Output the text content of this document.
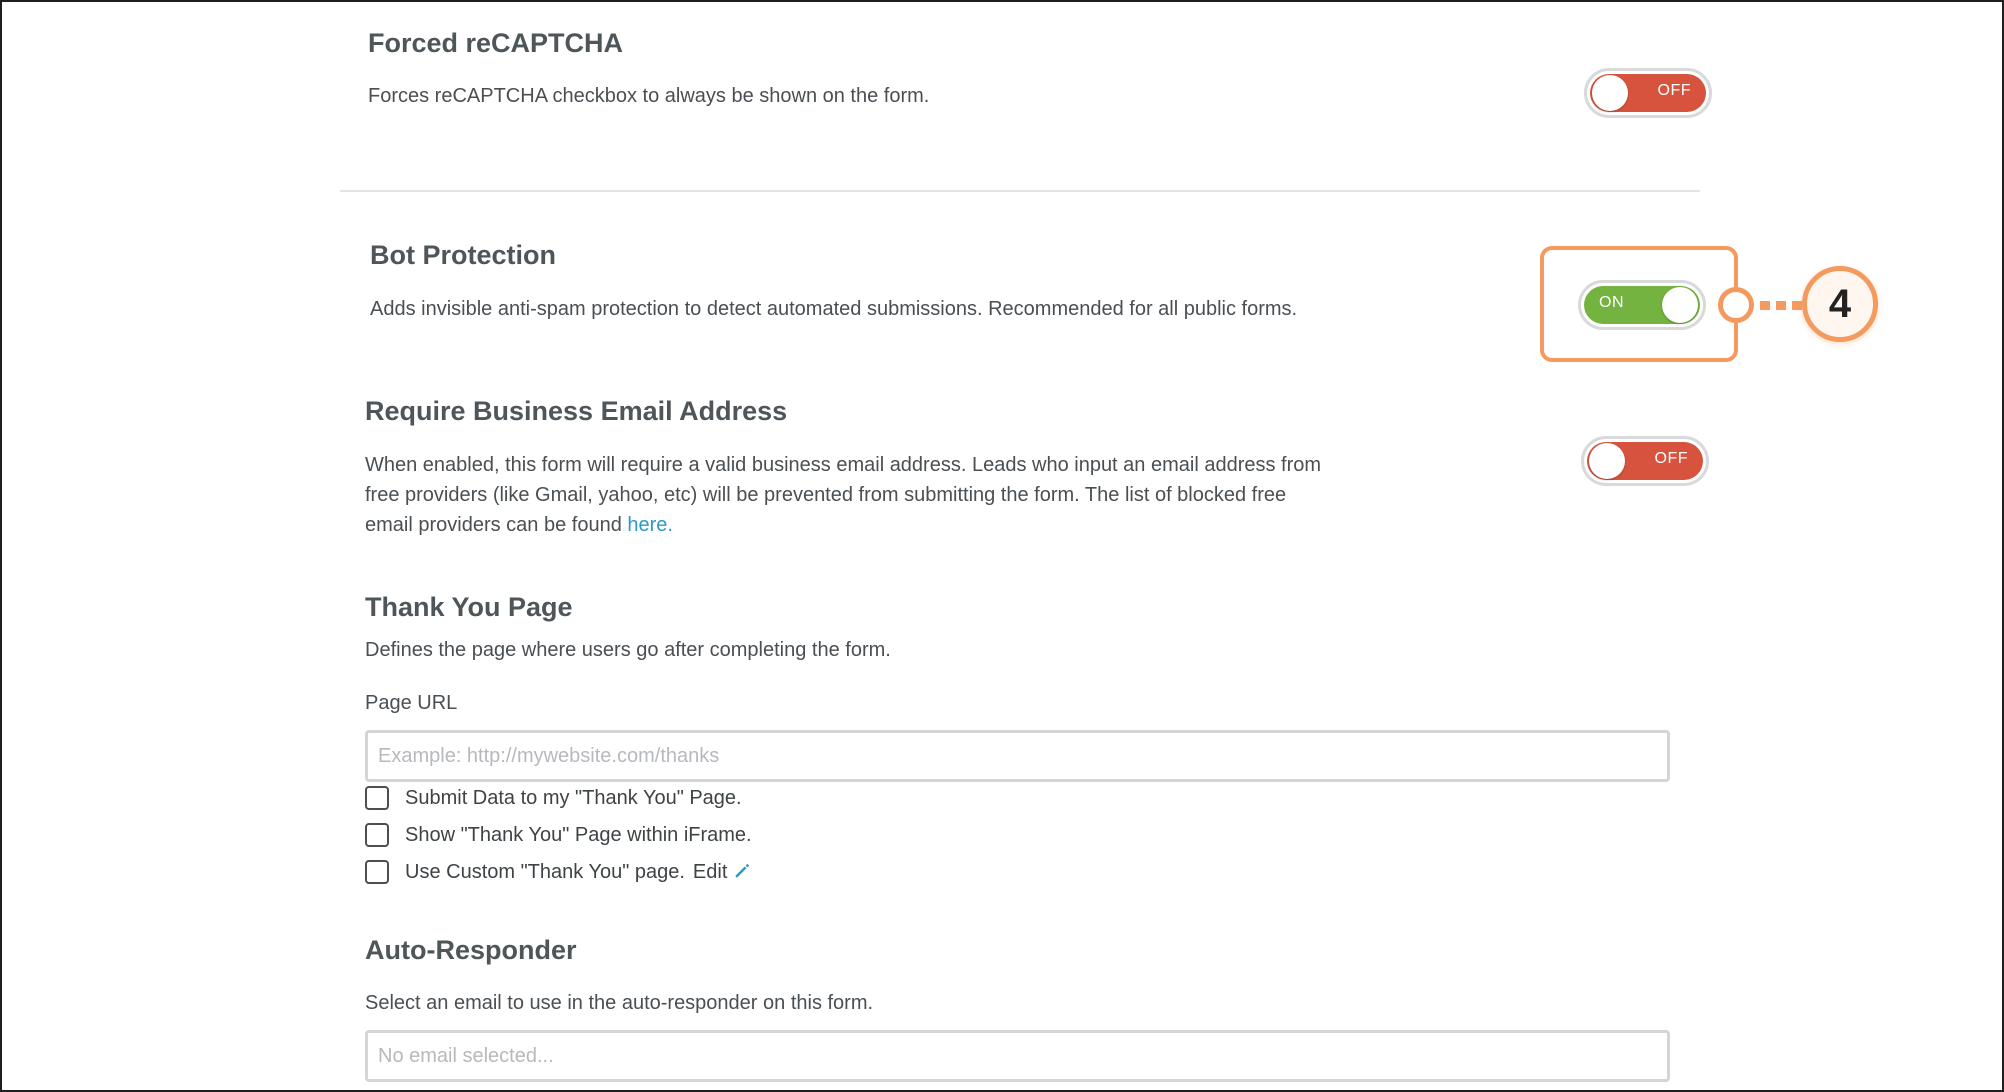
Forced reCAPTCHA

Forces reCAPTCHA checkbox to always be shown on the form.	OFF
Bot Protection

Adds invisible anti-spam protection to detect automated submissions. Recommended for all public forms.	ON	4
Require Business Email Address

When enabled, this form will require a valid business email address. Leads who input an email address from

free providers (like Gmail, yahoo, etc) will be prevented from submitting the form. The list of blocked free

email providers can be found here.

OFF
Thank You Page

Defines the page where users go after completing the form.

Page URL

Example: http://mywebsite.com/thanks
Submit Data to my "Thank You" Page.
Show "Thank You" Page within iFrame.
Use Custom "Thank You" page. Edit
Auto-Responder

Select an email to use in the auto-responder on this form.

No email selected...
